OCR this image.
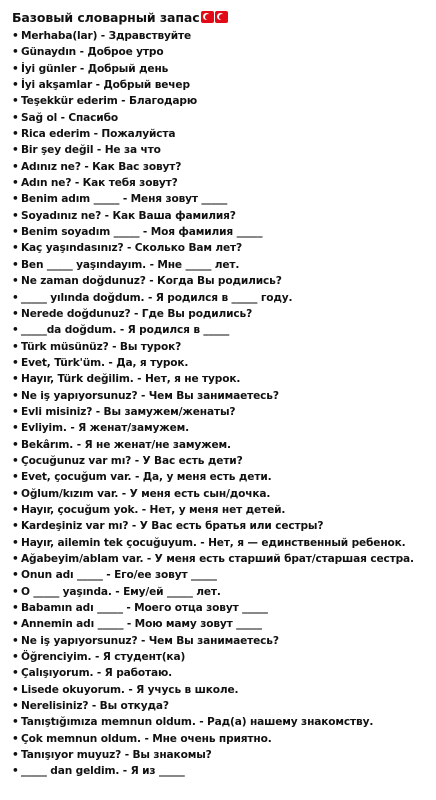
Базовый словарный запас
• Merhaba(lar) - Здравствуйте
• Günaydın - Доброе утро
• İyi günler - Добрый день
• İyi akşamlar - Добрый вечер
• Teşekkür ederim - Благодарю
• Sağ ol - Спасибо
• Rica ederim - Пожалуйста
• Bir şey değil - Не за что
• Adınız ne? - Как Вас зовут?
• Adın ne? - Как тебя зовут?
• Benim adım _____ - Меня зовут _____
• Soyadınız ne? - Как Ваша фамилия?
• Benim soyadım _____ - Моя фамилия _____
• Kaç yaşındasınız? - Сколько Вам лет?
• Ben _____ yaşındayım. - Мне _____ лет.
• Ne zaman doğdunuz? - Когда Вы родились?
• _____ yılında doğdum. - Я родился в _____ году.
• Nerede doğdunuz? - Где Вы родились?
• _____da doğdum. - Я родился в _____
• Türk müsünüz? - Вы турок?
• Evet, Türk'üm. - Да, я турок.
• Hayır, Türk değilim. - Нет, я не турок.
• Ne iş yapıyorsunuz? - Чем Вы занимаетесь?
• Evli misiniz? - Вы замужем/женаты?
• Evliyim. - Я женат/замужем.
• Bekârım. - Я не женат/не замужем.
• Çocuğunuz var mı? - У Вас есть дети?
• Evet, çocuğum var. - Да, у меня есть дети.
• Oğlum/kızım var. - У меня есть сын/дочка.
• Hayır, çocuğum yok. - Нет, у меня нет детей.
• Kardeşiniz var mı? - У Вас есть братья или сестры?
• Hayır, ailemin tek çocuğuyum. - Нет, я — единственный ребенок.
• Ağabeyim/ablam var. - У меня есть старший брат/старшая сестра.
• Onun adı _____ - Его/ее зовут _____
• O _____ yaşında. - Ему/ей _____ лет.
• Babamın adı _____ - Моего отца зовут _____
• Annemin adı _____ - Мою маму зовут _____
• Ne iş yapıyorsunuz? - Чем Вы занимаетесь?
• Öğrenciyim. - Я студент(ка)
• Çalışıyorum. - Я работаю.
• Lisede okuyorum. - Я учусь в школе.
• Nerelisiniz? - Вы откуда?
• Tanıştığımıza memnun oldum. - Рад(а) нашему знакомству.
• Çok memnun oldum. - Мне очень приятно.
• Tanışıyor muyuz? - Вы знакомы?
• _____ dan geldim. - Я из _____
